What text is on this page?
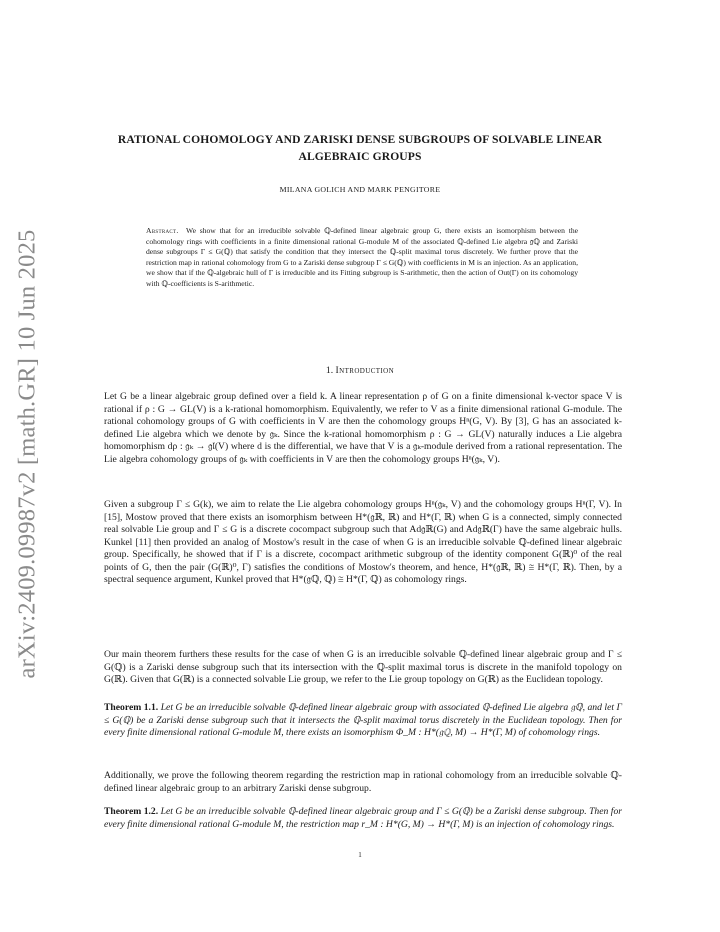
arXiv:2409.09987v2 [math.GR] 10 Jun 2025
RATIONAL COHOMOLOGY AND ZARISKI DENSE SUBGROUPS OF SOLVABLE LINEAR ALGEBRAIC GROUPS
MILANA GOLICH AND MARK PENGITORE
Abstract. We show that for an irreducible solvable ℚ-defined linear algebraic group G, there exists an isomorphism between the cohomology rings with coefficients in a finite dimensional rational G-module M of the associated ℚ-defined Lie algebra 𝔤ℚ and Zariski dense subgroups Γ ≤ G(ℚ) that satisfy the condition that they intersect the ℚ-split maximal torus discretely. We further prove that the restriction map in rational cohomology from G to a Zariski dense subgroup Γ ≤ G(ℚ) with coefficients in M is an injection. As an application, we show that if the ℚ-algebraic hull of Γ is irreducible and its Fitting subgroup is S-arithmetic, then the action of Out(Γ) on its cohomology with ℚ-coefficients is S-arithmetic.
1. Introduction
Let G be a linear algebraic group defined over a field k. A linear representation ρ of G on a finite dimensional k-vector space V is rational if ρ : G → GL(V) is a k-rational homomorphism. Equivalently, we refer to V as a finite dimensional rational G-module. The rational cohomology groups of G with coefficients in V are then the cohomology groups Hⁿ(G, V). By [3], G has an associated k-defined Lie algebra which we denote by 𝔤ₖ. Since the k-rational homomorphism ρ : G → GL(V) naturally induces a Lie algebra homomorphism dρ : 𝔤ₖ → 𝔤𝔩(V) where d is the differential, we have that V is a 𝔤ₖ-module derived from a rational representation. The Lie algebra cohomology groups of 𝔤ₖ with coefficients in V are then the cohomology groups Hⁿ(𝔤ₖ, V).
Given a subgroup Γ ≤ G(k), we aim to relate the Lie algebra cohomology groups Hⁿ(𝔤ₖ, V) and the cohomology groups Hⁿ(Γ, V). In [15], Mostow proved that there exists an isomorphism between H*(𝔤ℝ, ℝ) and H*(Γ, ℝ) when G is a connected, simply connected real solvable Lie group and Γ ≤ G is a discrete cocompact subgroup such that Ad𝔤ℝ(G) and Ad𝔤ℝ(Γ) have the same algebraic hulls. Kunkel [11] then provided an analog of Mostow's result in the case of when G is an irreducible solvable ℚ-defined linear algebraic group. Specifically, he showed that if Γ is a discrete, cocompact arithmetic subgroup of the identity component G(ℝ)⁰ of the real points of G, then the pair (G(ℝ)⁰, Γ) satisfies the conditions of Mostow's theorem, and hence, H*(𝔤ℝ, ℝ) ≅ H*(Γ, ℝ). Then, by a spectral sequence argument, Kunkel proved that H*(𝔤ℚ, ℚ) ≅ H*(Γ, ℚ) as cohomology rings.
Our main theorem furthers these results for the case of when G is an irreducible solvable ℚ-defined linear algebraic group and Γ ≤ G(ℚ) is a Zariski dense subgroup such that its intersection with the ℚ-split maximal torus is discrete in the manifold topology on G(ℝ). Given that G(ℝ) is a connected solvable Lie group, we refer to the Lie group topology on G(ℝ) as the Euclidean topology.
Theorem 1.1. Let G be an irreducible solvable ℚ-defined linear algebraic group with associated ℚ-defined Lie algebra 𝔤ℚ, and let Γ ≤ G(ℚ) be a Zariski dense subgroup such that it intersects the ℚ-split maximal torus discretely in the Euclidean topology. Then for every finite dimensional rational G-module M, there exists an isomorphism Φ_M : H*(𝔤ℚ, M) → H*(Γ, M) of cohomology rings.
Additionally, we prove the following theorem regarding the restriction map in rational cohomology from an irreducible solvable ℚ-defined linear algebraic group to an arbitrary Zariski dense subgroup.
Theorem 1.2. Let G be an irreducible solvable ℚ-defined linear algebraic group and Γ ≤ G(ℚ) be a Zariski dense subgroup. Then for every finite dimensional rational G-module M, the restriction map r_M : H*(G, M) → H*(Γ, M) is an injection of cohomology rings.
1
